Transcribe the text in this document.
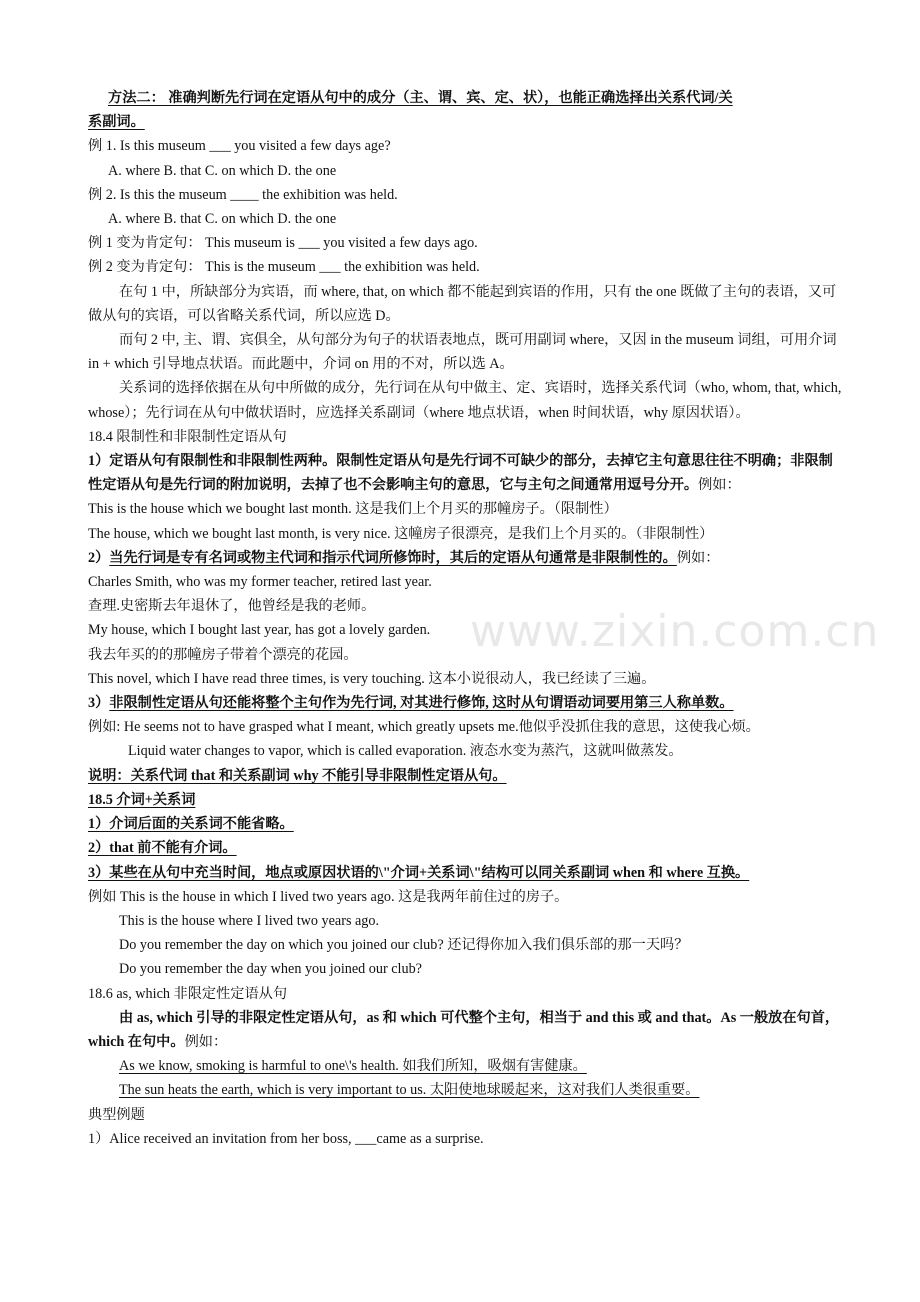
www.zixin.com.cn
方法二： 准确判断先行词在定语从句中的成分（主、谓、宾、定、状），也能正确选择出关系代词/关
系副词。
例 1. Is this museum ___ you visited a few days age?
A. where B. that C. on which D. the one
例 2. Is this the museum ____ the exhibition was held.
A. where B. that C. on which D. the one
例 1 变为肯定句： This museum is ___ you visited a few days ago.
例 2 变为肯定句： This is the museum ___ the exhibition was held.
在句 1 中，所缺部分为宾语，而 where, that, on which 都不能起到宾语的作用，只有 the one 既做了主句的表语，又可做从句的宾语，可以省略关系代词，所以应选 D。
而句 2 中, 主、谓、宾俱全，从句部分为句子的状语表地点，既可用副词 where，又因 in the museum 词组，可用介词 in + which 引导地点状语。而此题中，介词 on 用的不对，所以选 A。
关系词的选择依据在从句中所做的成分，先行词在从句中做主、定、宾语时，选择关系代词（who, whom, that, which, whose）；先行词在从句中做状语时，应选择关系副词（where 地点状语，when 时间状语，why 原因状语）。
18.4 限制性和非限制性定语从句
1）定语从句有限制性和非限制性两种。限制性定语从句是先行词不可缺少的部分，去掉它主句意思往往不明确；非限制性定语从句是先行词的附加说明，去掉了也不会影响主句的意思，它与主句之间通常用逗号分开。例如：
This is the house which we bought last month. 这是我们上个月买的那幢房子。（限制性）
The house, which we bought last month, is very nice. 这幢房子很漂亮，是我们上个月买的。（非限制性）
2）当先行词是专有名词或物主代词和指示代词所修饰时，其后的定语从句通常是非限制性的。例如：
Charles Smith, who was my former teacher, retired last year.
查理.史密斯去年退休了，他曾经是我的老师。
My house, which I bought last year, has got a lovely garden.
我去年买的的那幢房子带着个漂亮的花园。
This novel, which I have read three times, is very touching. 这本小说很动人，我已经读了三遍。
3）非限制性定语从句还能将整个主句作为先行词, 对其进行修饰, 这时从句谓语动词要用第三人称单数。
例如: He seems not to have grasped what I meant, which greatly upsets me.他似乎没抓住我的意思，这使我心烦。
Liquid water changes to vapor, which is called evaporation. 液态水变为蒸汽，这就叫做蒸发。
说明：关系代词 that 和关系副词 why 不能引导非限制性定语从句。
18.5 介词+关系词
1）介词后面的关系词不能省略。
2）that 前不能有介词。
3）某些在从句中充当时间，地点或原因状语的\"介词+关系词\"结构可以同关系副词 when 和 where 互换。
例如 This is the house in which I lived two years ago. 这是我两年前住过的房子。
This is the house where I lived two years ago.
Do you remember the day on which you joined our club? 还记得你加入我们俱乐部的那一天吗？
Do you remember the day when you joined our club?
18.6 as, which 非限定性定语从句
由 as, which 引导的非限定性定语从句，as 和 which 可代整个主句，相当于 and this 或 and that。As 一般放在句首，which 在句中。例如：
As we know, smoking is harmful to one\'s health. 如我们所知，吸烟有害健康。
The sun heats the earth, which is very important to us. 太阳使地球暖起来，这对我们人类很重要。
典型例题
1）Alice received an invitation from her boss, ___came as a surprise.
